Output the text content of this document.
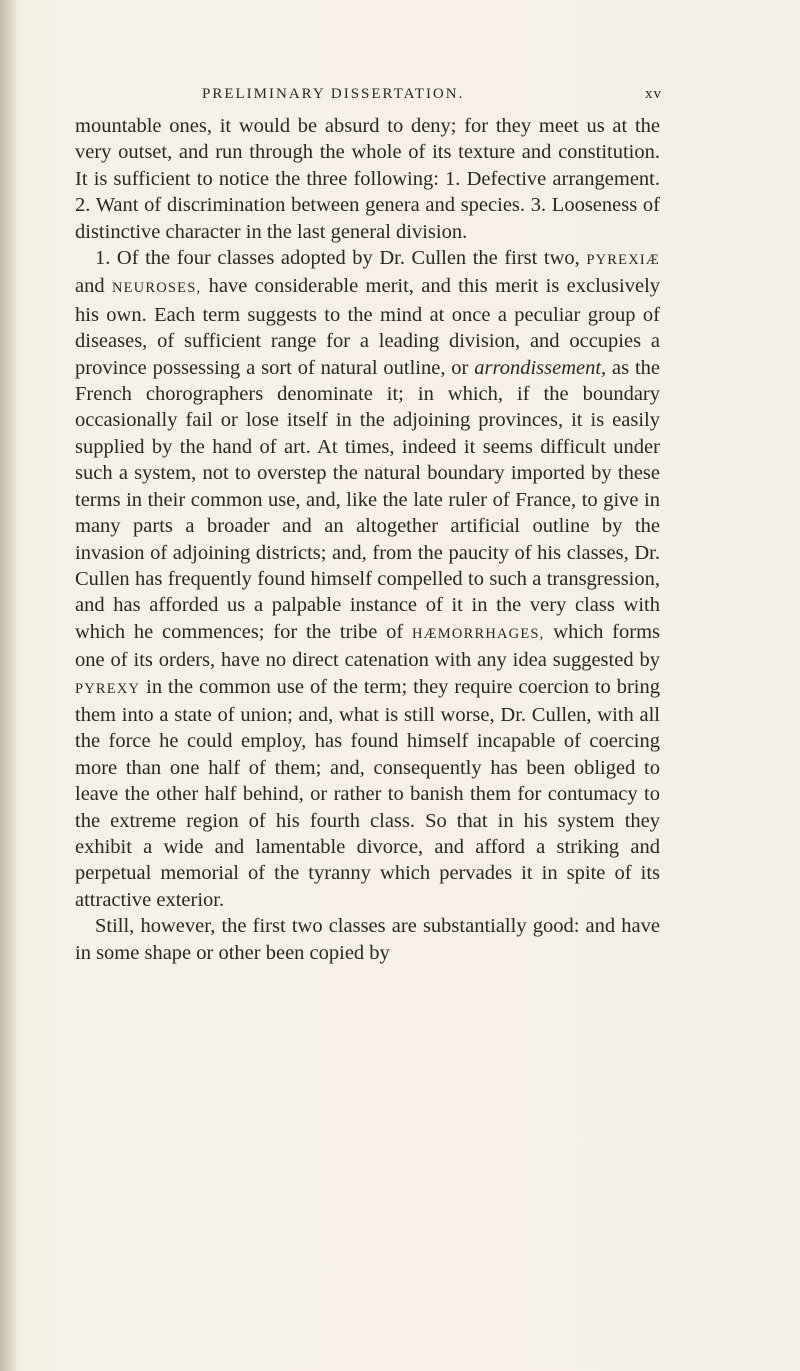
PRELIMINARY DISSERTATION.	xv

mountable ones, it would be absurd to deny; for they meet us at the very outset, and run through the whole of its texture and constitution. It is sufficient to notice the three following: 1. Defective arrangement. 2. Want of discrimination between genera and species. 3. Looseness of distinctive character in the last general division.

1. Of the four classes adopted by Dr. Cullen the first two, PYREXIÆ and NEUROSES, have considerable merit, and this merit is exclusively his own. Each term suggests to the mind at once a peculiar group of diseases, of sufficient range for a leading division, and occupies a province possessing a sort of natural outline, or arrondissement, as the French chorographers denominate it; in which, if the boundary occasionally fail or lose itself in the adjoining provinces, it is easily supplied by the hand of art. At times, indeed it seems difficult under such a system, not to overstep the natural boundary imported by these terms in their common use, and, like the late ruler of France, to give in many parts a broader and an altogether artificial outline by the invasion of adjoining districts; and, from the paucity of his classes, Dr. Cullen has frequently found himself compelled to such a transgression, and has afforded us a palpable instance of it in the very class with which he commences; for the tribe of HÆMORRHAGES, which forms one of its orders, have no direct catenation with any idea suggested by PYREXY in the common use of the term; they require coercion to bring them into a state of union; and, what is still worse, Dr. Cullen, with all the force he could employ, has found himself incapable of coercing more than one half of them; and, consequently has been obliged to leave the other half behind, or rather to banish them for contumacy to the extreme region of his fourth class. So that in his system they exhibit a wide and lamentable divorce, and afford a striking and perpetual memorial of the tyranny which pervades it in spite of its attractive exterior.

Still, however, the first two classes are substantially good: and have in some shape or other been copied by
